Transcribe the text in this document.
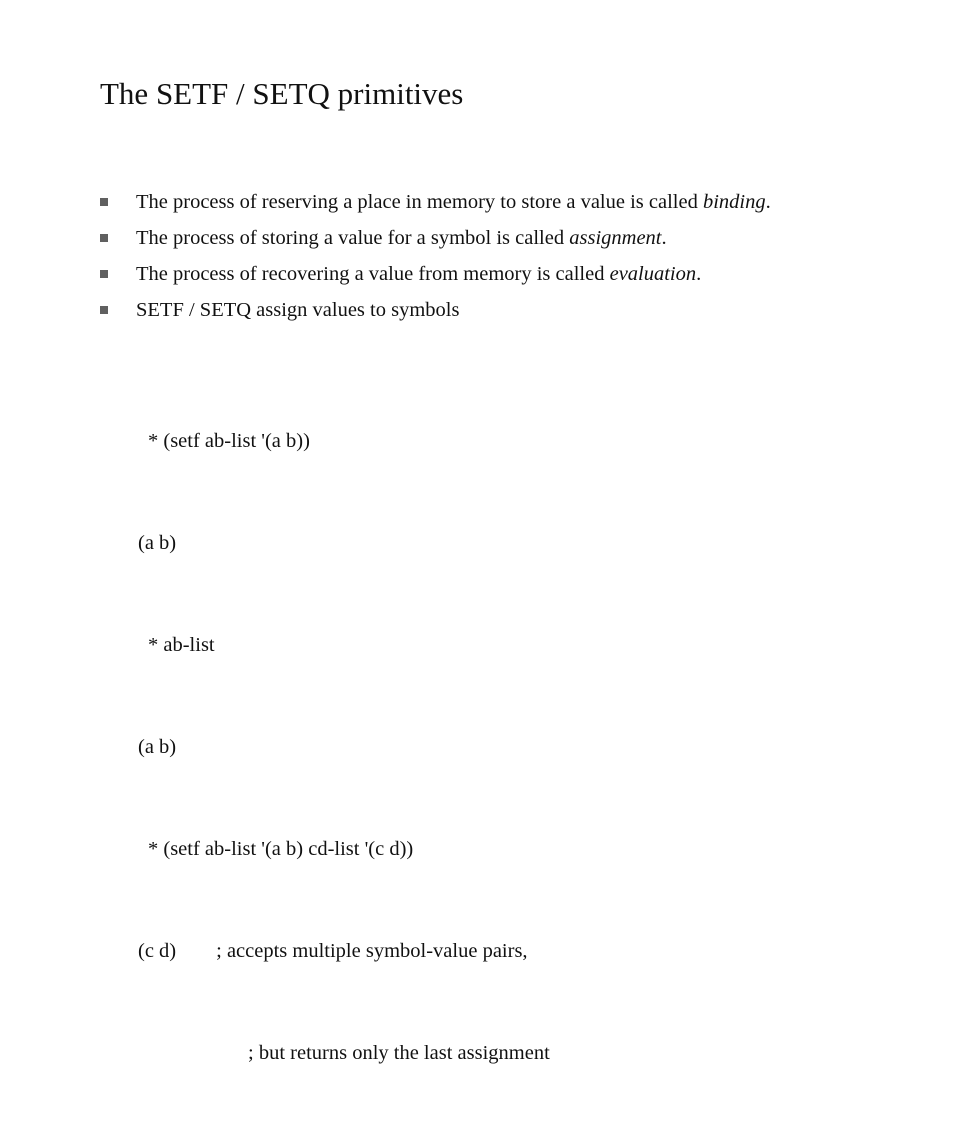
The SETF / SETQ primitives
The process of reserving a place in memory to store a value is called binding.
The process of storing a value for a symbol is called assignment.
The process of recovering a value from memory is called evaluation.
SETF / SETQ assign values to symbols

* (setf ab-list '(a b))

(a b)

* ab-list

(a b)

* (setf ab-list '(a b) cd-list '(c d))

(c d) ; accepts multiple symbol-value pairs,

; but returns only the last assignment
